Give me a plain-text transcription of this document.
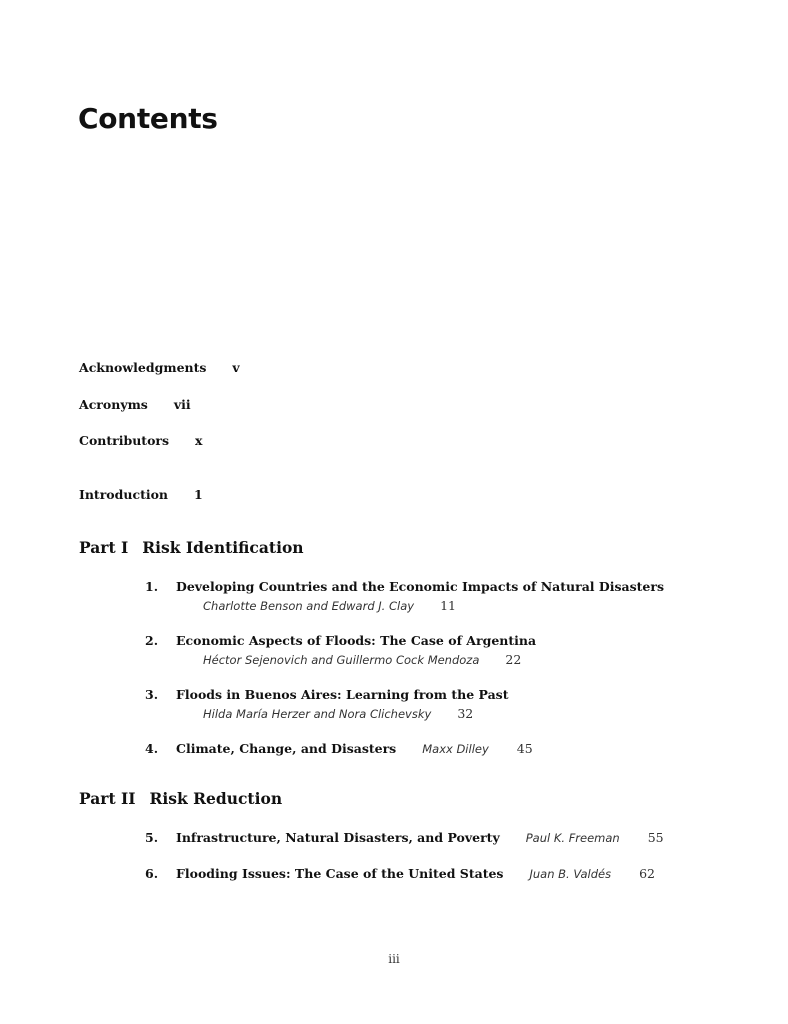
Contents
Acknowledgments v
Acronyms vii
Contributors x
Introduction 1
Part I Risk Identification
1. Developing Countries and the Economic Impacts of Natural Disasters
Charlotte Benson and Edward J. Clay 11
2. Economic Aspects of Floods: The Case of Argentina
Héctor Sejenovich and Guillermo Cock Mendoza 22
3. Floods in Buenos Aires: Learning from the Past
Hilda María Herzer and Nora Clichevsky 32
4. Climate, Change, and Disasters Maxx Dilley 45
Part II Risk Reduction
5. Infrastructure, Natural Disasters, and Poverty Paul K. Freeman 55
6. Flooding Issues: The Case of the United States Juan B. Valdés 62
iii
